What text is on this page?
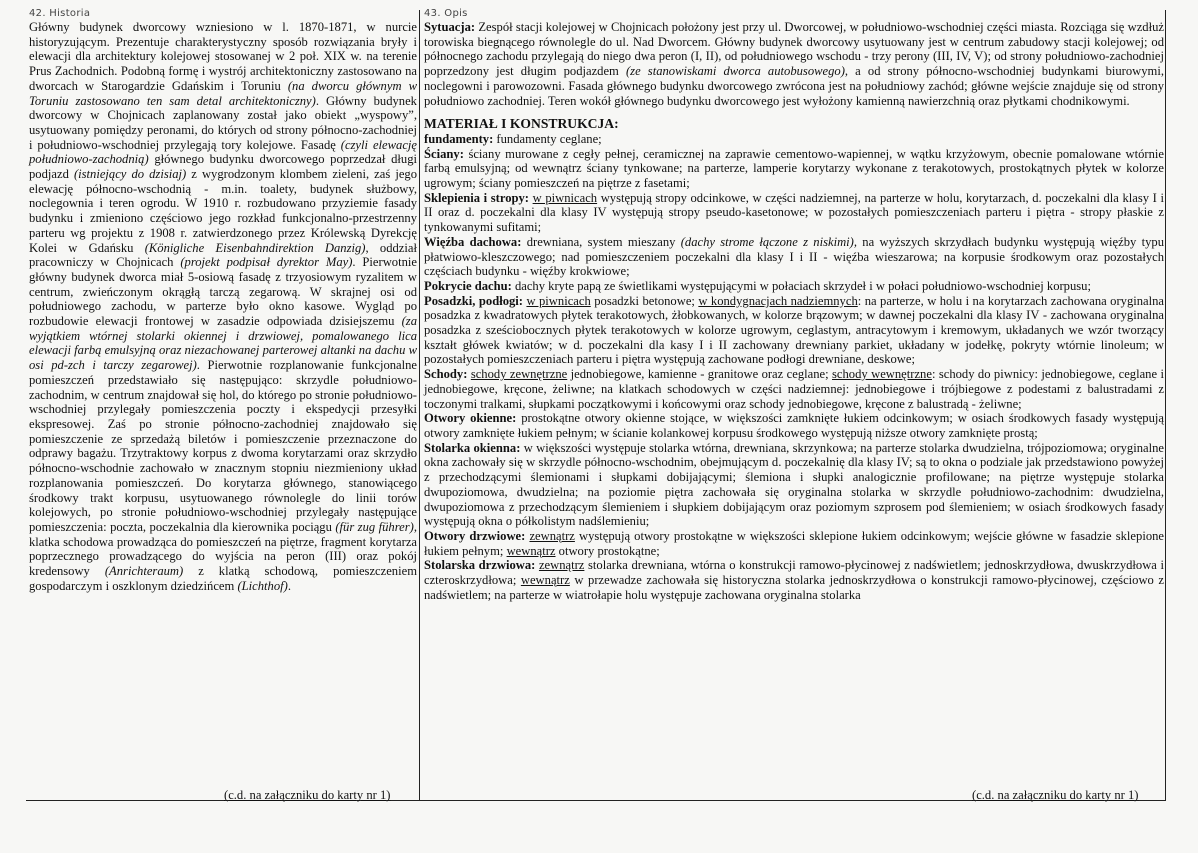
42. Historia

Główny budynek dworcowy wzniesiono w l. 1870-1871, w nurcie historyzującym. Prezentuje charakterystyczny sposób rozwiązania bryły i elewacji dla architektury kolejowej stosowanej w 2 poł. XIX w. na terenie Prus Zachodnich. Podobną formę i wystrój architektoniczny zastosowano na dworcach w Starogardzie Gdańskim i Toruniu (na dworcu głównym w Toruniu zastosowano ten sam detal architektoniczny). Główny budynek dworcowy w Chojnicach zaplanowany został jako obiekt „wyspowy”, usytuowany pomiędzy peronami, do których od strony północno-zachodniej i południowo-wschodniej przylegają tory kolejowe. Fasadę (czyli elewację południowo-zachodnią) głównego budynku dworcowego poprzedzał długi podjazd (istniejący do dzisiaj) z wygrodzonym klombem zieleni, zaś jego elewację północno-wschodnią - m.in. toalety, budynek służbowy, noclegownia i teren ogrodu. W 1910 r. rozbudowano przyziemie fasady budynku i zmieniono częściowo jego rozkład funkcjonalno-przestrzenny parteru wg projektu z 1908 r. zatwierdzonego przez Królewską Dyrekcję Kolei w Gdańsku (Königliche Eisenbahndirektion Danzig), oddział pracowniczy w Chojnicach (projekt podpisał dyrektor May). Pierwotnie główny budynek dworca miał 5-osiową fasadę z trzyosiowym ryzalitem w centrum, zwieńczonym okrągłą tarczą zegarową. W skrajnej osi od południowego zachodu, w parterze było okno kasowe. Wygląd po rozbudowie elewacji frontowej w zasadzie odpowiada dzisiejszemu (za wyjątkiem wtórnej stolarki okiennej i drzwiowej, pomalowanego lica elewacji farbą emulsyjną oraz niezachowanej parterowej altanki na dachu w osi pd-zch i tarczy zegarowej). Pierwotnie rozplanowanie funkcjonalne pomieszczeń przedstawiało się następująco: skrzydle południowo-zachodnim, w centrum znajdował się hol, do którego po stronie południowo-wschodniej przylegały pomieszczenia poczty i ekspedycji przesyłki ekspresowej. Zaś po stronie północno-zachodniej znajdowało się pomieszczenie ze sprzedażą biletów i pomieszczenie przeznaczone do odprawy bagażu. Trzytraktowy korpus z dwoma korytarzami oraz skrzydło północno-wschodnie zachowało w znacznym stopniu niezmieniony układ rozplanowania pomieszczeń. Do korytarza głównego, stanowiącego środkowy trakt korpusu, usytuowanego równolegle do linii torów kolejowych, po stronie południowo-wschodniej przylegały następujące pomieszczenia: poczta, poczekalnia dla kierownika pociągu (für zug führer), klatka schodowa prowadząca do pomieszczeń na piętrze, fragment korytarza poprzecznego prowadzącego do wyjścia na peron (III) oraz pokój kredensowy (Anrichteraum) z klatką schodową, pomieszczeniem gospodarczym i oszklonym dziedzińcem (Lichthof).

43. Opis

Sytuacja: Zespół stacji kolejowej w Chojnicach położony jest przy ul. Dworcowej, w południowo-wschodniej części miasta. Rozciąga się wzdłuż torowiska biegnącego równolegle do ul. Nad Dworcem. Główny budynek dworcowy usytuowany jest w centrum zabudowy stacji kolejowej; od północnego zachodu przylegają do niego dwa peron (I, II), od południowego wschodu - trzy perony (III, IV, V); od strony południowo-zachodniej poprzedzony jest długim podjazdem (ze stanowiskami dworca autobusowego), a od strony północno-wschodniej budynkami biurowymi, noclegowni i parowozowni. Fasada głównego budynku dworcowego zwrócona jest na południowy zachód; główne wejście znajduje się od strony południowo zachodniej. Teren wokół głównego budynku dworcowego jest wyłożony kamienną nawierzchnią oraz płytkami chodnikowymi.

MATERIAŁ I KONSTRUKCJA:

fundamenty: fundamenty ceglane;

Ściany: ściany murowane z cegły pełnej, ceramicznej na zaprawie cementowo-wapiennej, w wątku krzyżowym, obecnie pomalowane wtórnie farbą emulsyjną; od wewnątrz ściany tynkowane; na parterze, lamperie korytarzy wykonane z terakotowych, prostokątnych płytek w kolorze ugrowym; ściany pomieszczeń na piętrze z fasetami;

Sklepienia i stropy: w piwnicach występują stropy odcinkowe, w części nadziemnej, na parterze w holu, korytarzach, d. poczekalni dla klasy I i II oraz d. poczekalni dla klasy IV występują stropy pseudo-kasetonowe; w pozostałych pomieszczeniach parteru i piętra - stropy płaskie z tynkowanymi sufitami;

Więźba dachowa: drewniana, system mieszany (dachy strome łączone z niskimi), na wyższych skrzydłach budynku występują więźby typu płatwiowo-kleszczowego; nad pomieszczeniem poczekalni dla klasy I i II - więźba wieszarowa; na korpusie środkowym oraz pozostałych częściach budynku - więźby krokwiowe;

Pokrycie dachu: dachy kryte papą ze świetlikami występującymi w połaciach skrzydeł i w połaci południowo-wschodniej korpusu;

Posadzki, podłogi: w piwnicach posadzki betonowe; w kondygnacjach nadziemnych: na parterze, w holu i na korytarzach zachowana oryginalna posadzka z kwadratowych płytek terakotowych, żłobkowanych, w kolorze brązowym; w dawnej poczekalni dla klasy IV - zachowana oryginalna posadzka z sześciobocznych płytek terakotowych w kolorze ugrowym, ceglastym, antracytowym i kremowym, układanych we wzór tworzący kształt główek kwiatów; w d. poczekalni dla kasy I i II zachowany drewniany parkiet, układany w jodełkę, pokryty wtórnie linoleum; w pozostałych pomieszczeniach parteru i piętra występują zachowane podłogi drewniane, deskowe;

Schody: schody zewnętrzne jednobiegowe, kamienne - granitowe oraz ceglane; schody wewnętrzne: schody do piwnicy: jednobiegowe, ceglane i jednobiegowe, kręcone, żeliwne; na klatkach schodowych w części nadziemnej: jednobiegowe i trójbiegowe z podestami z balustradami z toczonymi tralkami, słupkami początkowymi i końcowymi oraz schody jednobiegowe, kręcone z balustradą - żeliwne;

Otwory okienne: prostokątne otwory okienne stojące, w większości zamknięte łukiem odcinkowym; w osiach środkowych fasady występują otwory zamknięte łukiem pełnym; w ścianie kolankowej korpusu środkowego występują niższe otwory zamknięte prostą;

Stolarka okienna: w większości występuje stolarka wtórna, drewniana, skrzynkowa; na parterze stolarka dwudzielna, trójpoziomowa; oryginalne okna zachowały się w skrzydle północno-wschodnim, obejmującym d. poczekalnię dla klasy IV; są to okna o podziale jak przedstawiono powyżej z przechodzącymi ślemionami i słupkami dobijającymi; ślemiona i słupki analogicznie profilowane; na piętrze występuje stolarka dwupoziomowa, dwudzielna; na poziomie piętra zachowała się oryginalna stolarka w skrzydle południowo-zachodnim: dwudzielna, dwupoziomowa z przechodzącym ślemieniem i słupkiem dobijającym oraz poziomym szprosem pod ślemieniem; w osiach środkowych fasady występują okna o półkolistym nadślemieniu;

Otwory drzwiowe: zewnątrz występują otwory prostokątne w większości sklepione łukiem odcinkowym; wejście główne w fasadzie sklepione łukiem pełnym; wewnątrz otwory prostokątne;

Stolarska drzwiowa: zewnątrz stolarka drewniana, wtórna o konstrukcji ramowo-płycinowej z nadświetlem; jednoskrzydłowa, dwuskrzydłowa i czteroskrzydłowa; wewnątrz w przewadze zachowała się historyczna stolarka jednoskrzydłowa o konstrukcji ramowo-płycinowej, częściowo z nadświetlem; na parterze w wiatrołapie holu występuje zachowana oryginalna stolarka

(c.d. na załączniku do karty nr 1)	(c.d. na załączniku do karty nr 1)
